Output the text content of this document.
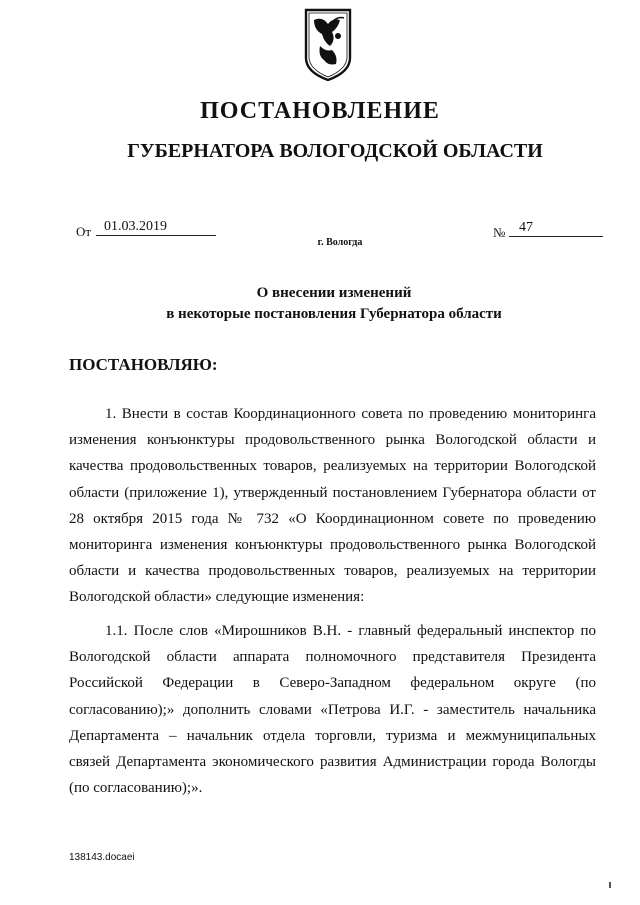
ПОСТАНОВЛЕНИЕ
ГУБЕРНАТОРА ВОЛОГОДСКОЙ ОБЛАСТИ
От 01.03.2019	№ 47
г. Вологда
О внесении изменений
в некоторые постановления Губернатора области
ПОСТАНОВЛЯЮ:
1. Внести в состав Координационного совета по проведению мониторинга изменения конъюнктуры продовольственного рынка Вологодской области и качества продовольственных товаров, реализуемых на территории Вологодской области (приложение 1), утвержденный постановлением Губернатора области от 28 октября 2015 года № 732 «О Координационном совете по проведению мониторинга изменения конъюнктуры продовольственного рынка Вологодской области и качества продовольственных товаров, реализуемых на территории Вологодской области» следующие изменения:
1.1. После слов «Мирошников В.Н. - главный федеральный инспектор по Вологодской области аппарата полномочного представителя Президента Российской Федерации в Северо-Западном федеральном округе (по согласованию);» дополнить словами «Петрова И.Г. - заместитель начальника Департамента – начальник отдела торговли, туризма и межмуниципальных связей Департамента экономического развития Администрации города Вологды (по согласованию);».
138143.docaei
